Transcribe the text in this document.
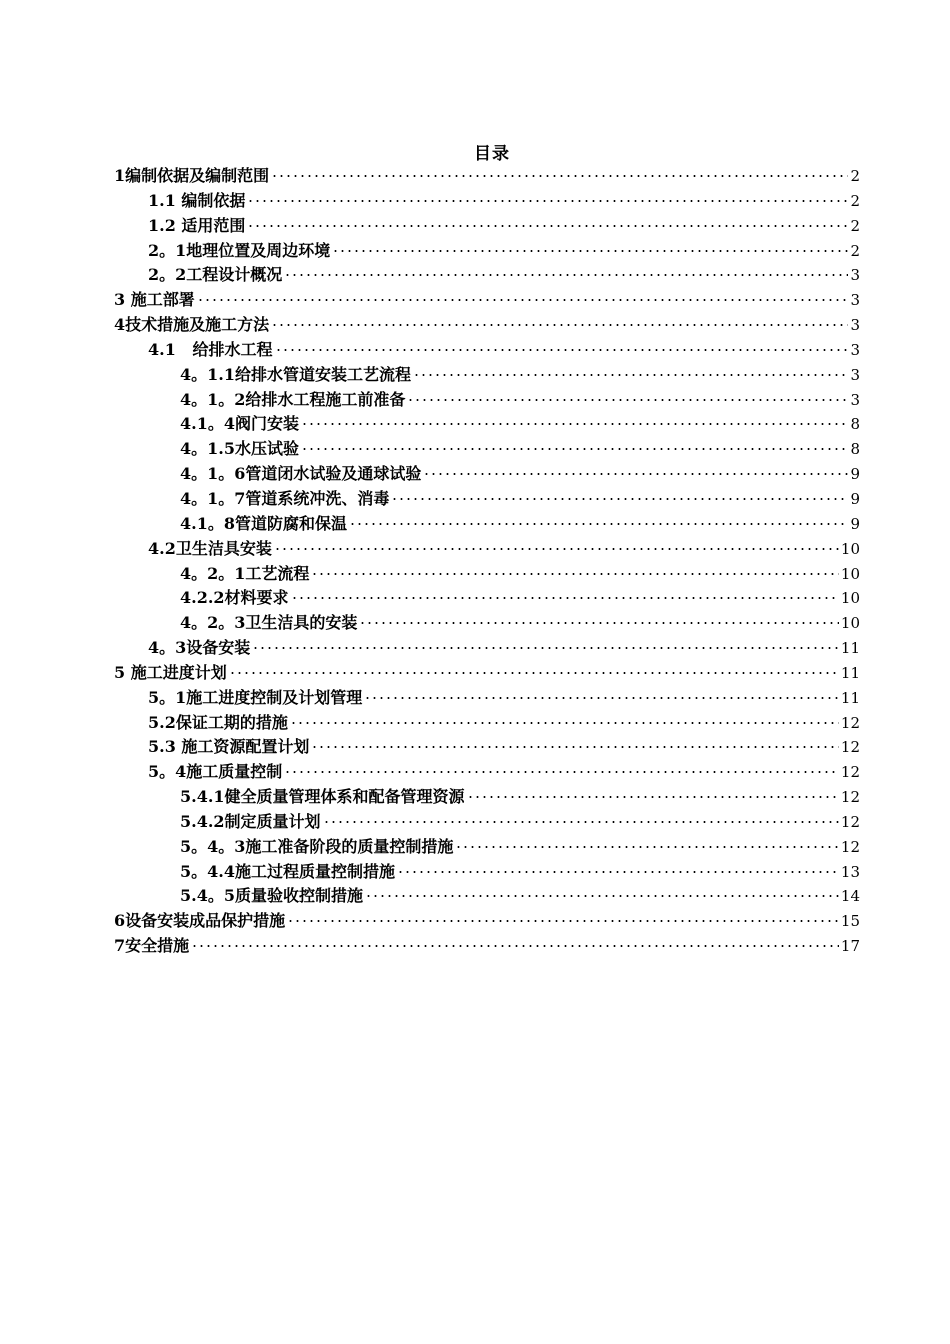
目录
1编制依据及编制范围	2
1.1 编制依据	2
1.2 适用范围	2
2。1地理位置及周边环境	2
2。2工程设计概况	3
3 施工部署	3
4技术措施及施工方法	3
4.1   给排水工程	3
4。1.1给排水管道安装工艺流程	3
4。1。2给排水工程施工前准备	3
4.1。4阀门安装	8
4。1.5水压试验	8
4。1。6管道闭水试验及通球试验	9
4。1。7管道系统冲洗、消毒	9
4.1。8管道防腐和保温	9
4.2卫生洁具安装	10
4。2。1工艺流程	10
4.2.2材料要求	10
4。2。3卫生洁具的安装	10
4。3设备安装	11
5 施工进度计划	11
5。1施工进度控制及计划管理	11
5.2保证工期的措施	12
5.3 施工资源配置计划	12
5。4施工质量控制	12
5.4.1健全质量管理体系和配备管理资源	12
5.4.2制定质量计划	12
5。4。3施工准备阶段的质量控制措施	12
5。4.4施工过程质量控制措施	13
5.4。5质量验收控制措施	14
6设备安装成品保护措施	15
7安全措施	17
